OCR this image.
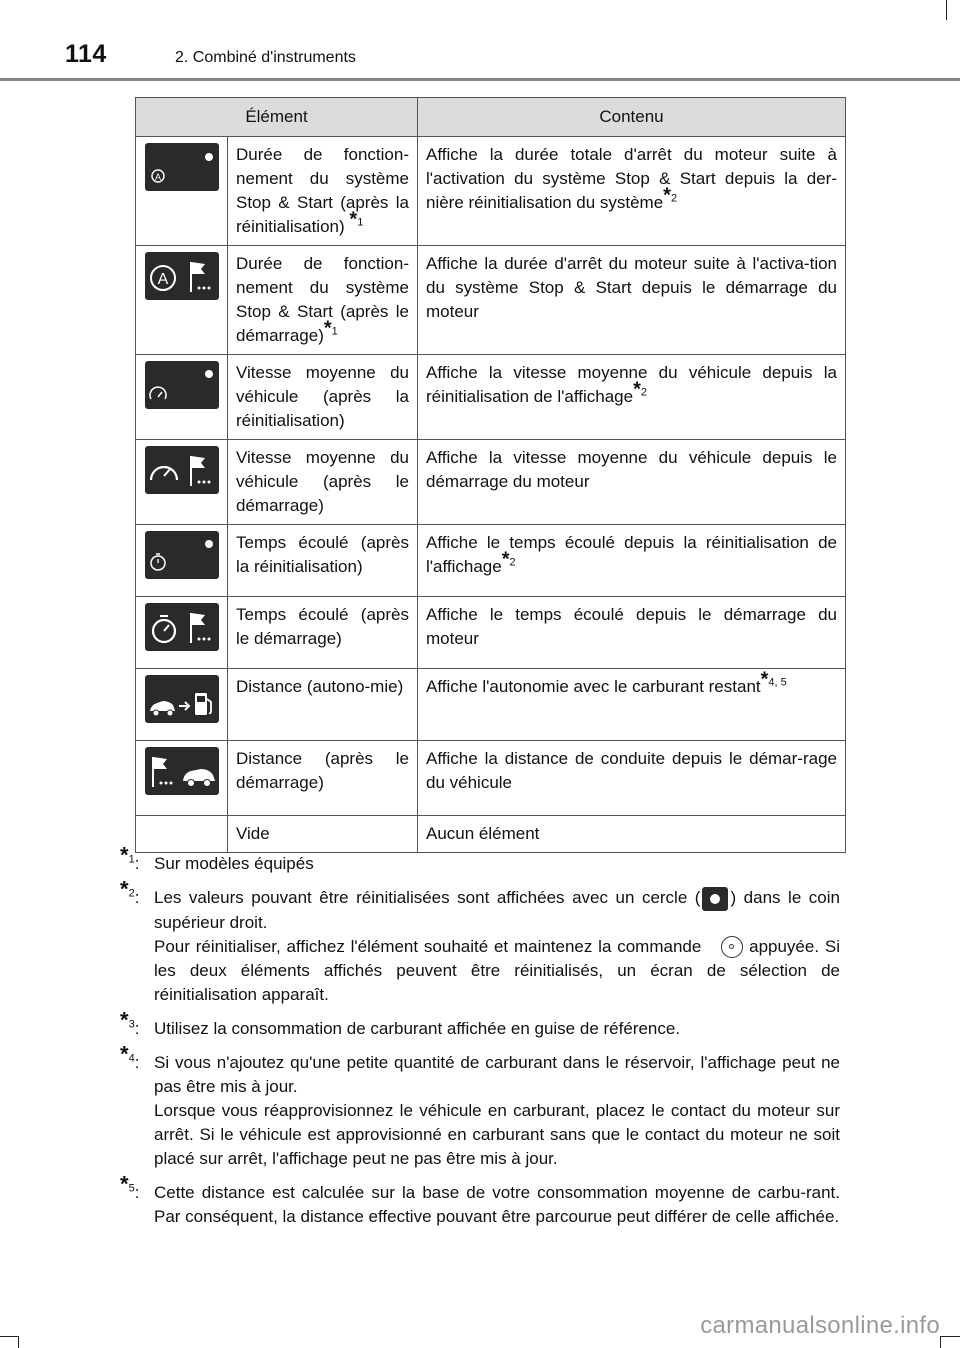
114	2. Combiné d'instruments
Élément		Contenu

A	Durée de fonction-nement du système Stop & Start (après la réinitialisation) *$^1$	Affiche la durée totale d'arrêt du moteur suite à l'activation du système Stop & Start depuis la der-nière réinitialisation du système*$^2$

A	Durée de fonction-nement du système Stop & Start (après le démarrage)*$^1$	Affiche la durée d'arrêt du moteur suite à l'activa-tion du système Stop & Start depuis le démarrage du moteur

	Vitesse moyenne du véhicule (après la réinitialisation)	Affiche la vitesse moyenne du véhicule depuis la réinitialisation de l'affichage*$^2$

	Vitesse moyenne du véhicule (après le démarrage)	Affiche la vitesse moyenne du véhicule depuis le démarrage du moteur

	Temps écoulé (après la réinitialisation)	Affiche le temps écoulé depuis la réinitialisation de l'affichage*$^2$

	Temps écoulé (après le démarrage)	Affiche le temps écoulé depuis le démarrage du moteur

	Distance (autono-mie)	Affiche l'autonomie avec le carburant restant*$^{4, 5}$

	Distance (après le démarrage)	Affiche la distance de conduite depuis le démar-rage du véhicule
	Vide	Aucun élément
*$^1$: Sur modèles équipés
*$^2$: Les valeurs pouvant être réinitialisées sont affichées avec un cercle ( ) dans le coin supérieur droit.
Pour réinitialiser, affichez l'élément souhaité et maintenez la commande	appuyée. Si les deux éléments affichés peuvent être réinitialisés, un écran de sélection de réinitialisation apparaît.
*$^3$: Utilisez la consommation de carburant affichée en guise de référence.
*$^4$: Si vous n'ajoutez qu'une petite quantité de carburant dans le réservoir, l'affichage peut ne pas être mis à jour.
Lorsque vous réapprovisionnez le véhicule en carburant, placez le contact du moteur sur arrêt. Si le véhicule est approvisionné en carburant sans que le contact du moteur ne soit placé sur arrêt, l'affichage peut ne pas être mis à jour.
*$^5$: Cette distance est calculée sur la base de votre consommation moyenne de carbu-rant. Par conséquent, la distance effective pouvant être parcourue peut différer de celle affichée.
carmanualsonline.info
